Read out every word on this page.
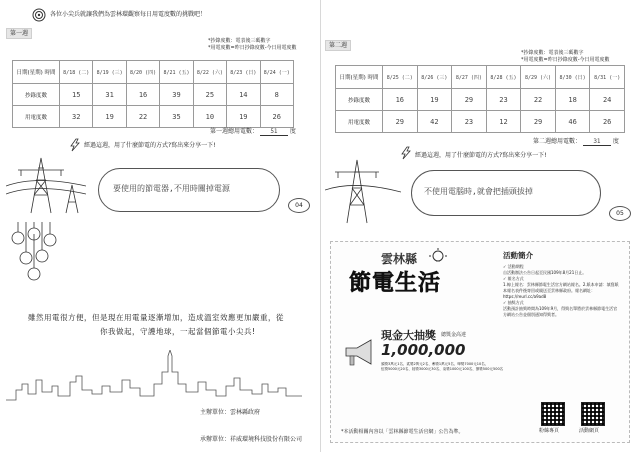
各位小尖兵就讓我們為雲林環觀察每日用電度數的挑戰吧！
第一週
*抄錄度數：電表後三碼數字
*用電度數=昨日抄錄度數-今日用電度數
日期(星期) 時間	8/18 (二)	8/19 (三)	8/20 (四)	8/21 (五)	8/22 (六)	8/23 (日)	8/24 (一)
抄錄度數	15	31	16	39	25	14	8
用電度數	32	19	22	35	10	19	26
第一週總用電數： 51 度
經過這週，用了什麼節電的方式?寫出來分享一下!
要使用的節電器,不用時關掉電源
04
雖然用電很方便，但是現在用電量逐漸增加，造成溫室效應更加嚴重，從
你我做起，守護地球，一起當個節電小尖兵!
主辦單位：雲林縣政府
承辦單位：祥威環境科技股份有限公司
第二週
*抄錄度數：電表後三碼數字
*用電度數=昨日抄錄度數-今日用電度數
日期(星期) 時間	8/25 (二)	8/26 (三)	8/27 (四)	8/28 (五)	8/29 (六)	8/30 (日)	8/31 (一)
抄錄度數	16	19	29	23	22	18	24
用電度數	29	42	23	12	29	46	26
第二週總用電數： 31 度
經過這週，用了什麼節電的方式?寫出來分享一下!
不使用電腦時,就會把插頭拔掉
05
雲林縣
節電生活
現金大抽獎 總獎金高達
1,000,000
頭獎3萬元1名、貳獎2萬元2名、參獎1萬元5名、肆獎7000元10名、
伍獎5000元20名、陸獎3000元30名、柒獎1000元100名、捌獎500元500名
活動簡介
✓ 活動期程
自活動辦法公告日起至民國109年8月21日止。
✓ 報名方式
1.線上報名：雲林縣節電生活官方網站報名。2.紙本申請：填寫紙本報名表件後寄回或親送至雲林縣政府。報名網址：https://reurl.cc/a9ad8
✓ 抽獎方式
活動預計抽獎時間為109年9月，得獎名單將於雲林縣節電生活官方網站公告並個別通知得獎者。
粉絲專頁	活動網頁
*本活動相關內容以「雲林縣節電生活官網」公告為準。
